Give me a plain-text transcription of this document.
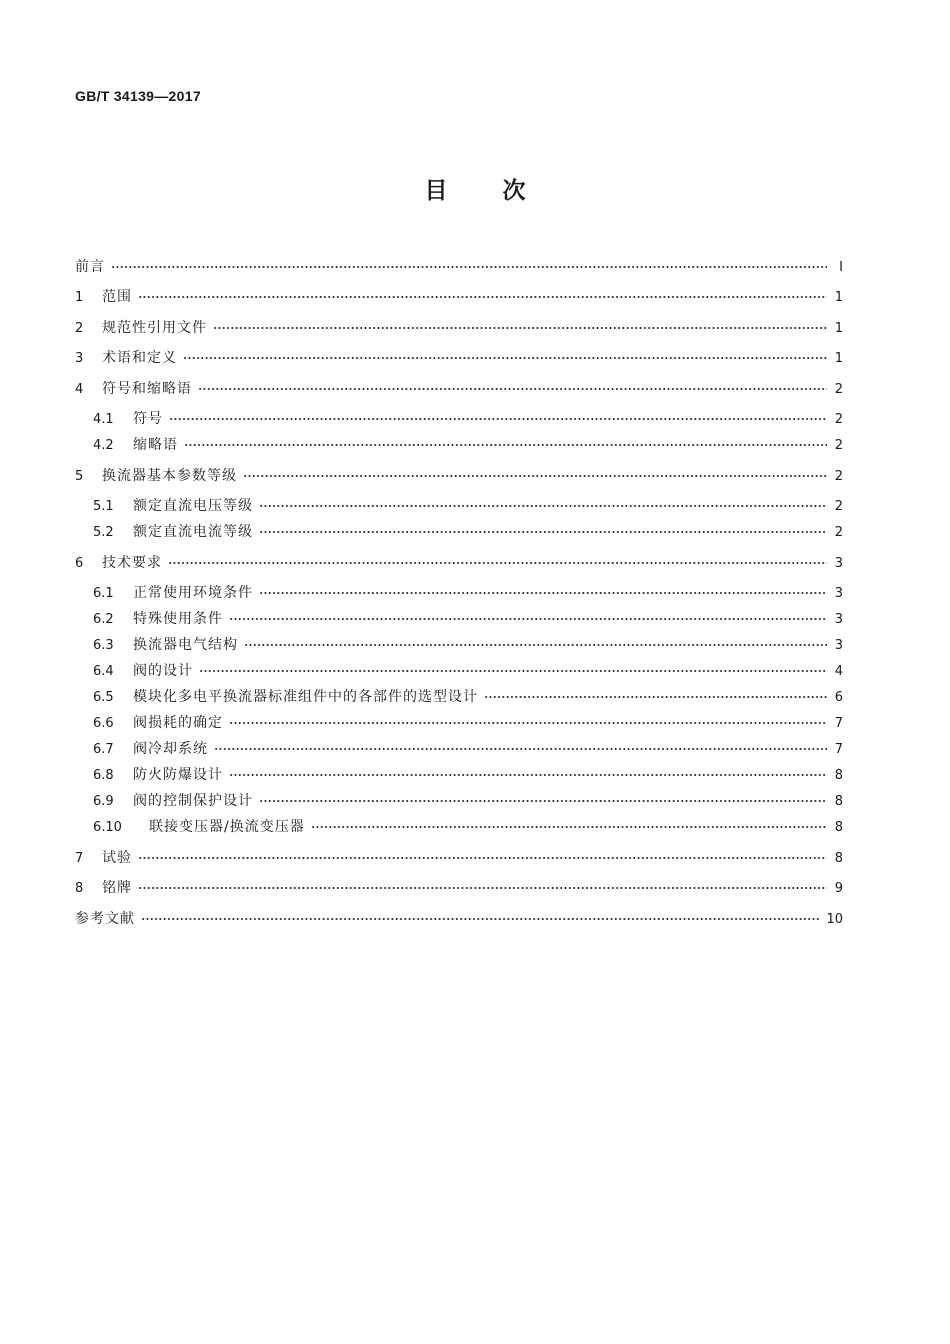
GB/T 34139—2017
目次
前言	Ⅰ
1	范围	1
2	规范性引用文件	1
3	术语和定义	1
4	符号和缩略语	2
4.1	符号	2
4.2	缩略语	2
5	换流器基本参数等级	2
5.1	额定直流电压等级	2
5.2	额定直流电流等级	2
6	技术要求	3
6.1	正常使用环境条件	3
6.2	特殊使用条件	3
6.3	换流器电气结构	3
6.4	阀的设计	4
6.5	模块化多电平换流器标准组件中的各部件的选型设计	6
6.6	阀损耗的确定	7
6.7	阀冷却系统	7
6.8	防火防爆设计	8
6.9	阀的控制保护设计	8
6.10	联接变压器/换流变压器	8
7	试验	8
8	铭牌	9
参考文献	10
